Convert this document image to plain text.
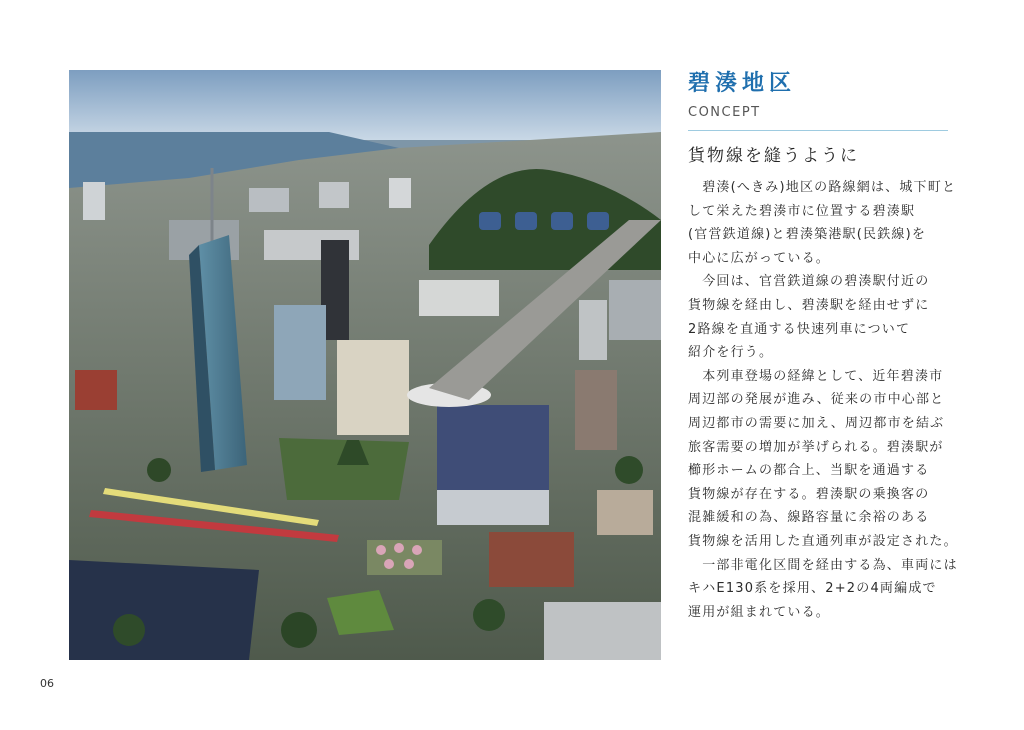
碧湊地区
CONCEPT
貨物線を縫うように
　碧湊(へきみ)地区の路線網は、城下町と
して栄えた碧湊市に位置する碧湊駅
(官営鉄道線)と碧湊築港駅(民鉄線)を
中心に広がっている。
　今回は、官営鉄道線の碧湊駅付近の
貨物線を経由し、碧湊駅を経由せずに
2路線を直通する快速列車について
紹介を行う。
　本列車登場の経緯として、近年碧湊市
周辺部の発展が進み、従来の市中心部と
周辺都市の需要に加え、周辺都市を結ぶ
旅客需要の増加が挙げられる。碧湊駅が
櫛形ホームの都合上、当駅を通過する
貨物線が存在する。碧湊駅の乗換客の
混雑緩和の為、線路容量に余裕のある
貨物線を活用した直通列車が設定された。
　一部非電化区間を経由する為、車両には
キハE130系を採用、2+2の4両編成で
運用が組まれている。
06
